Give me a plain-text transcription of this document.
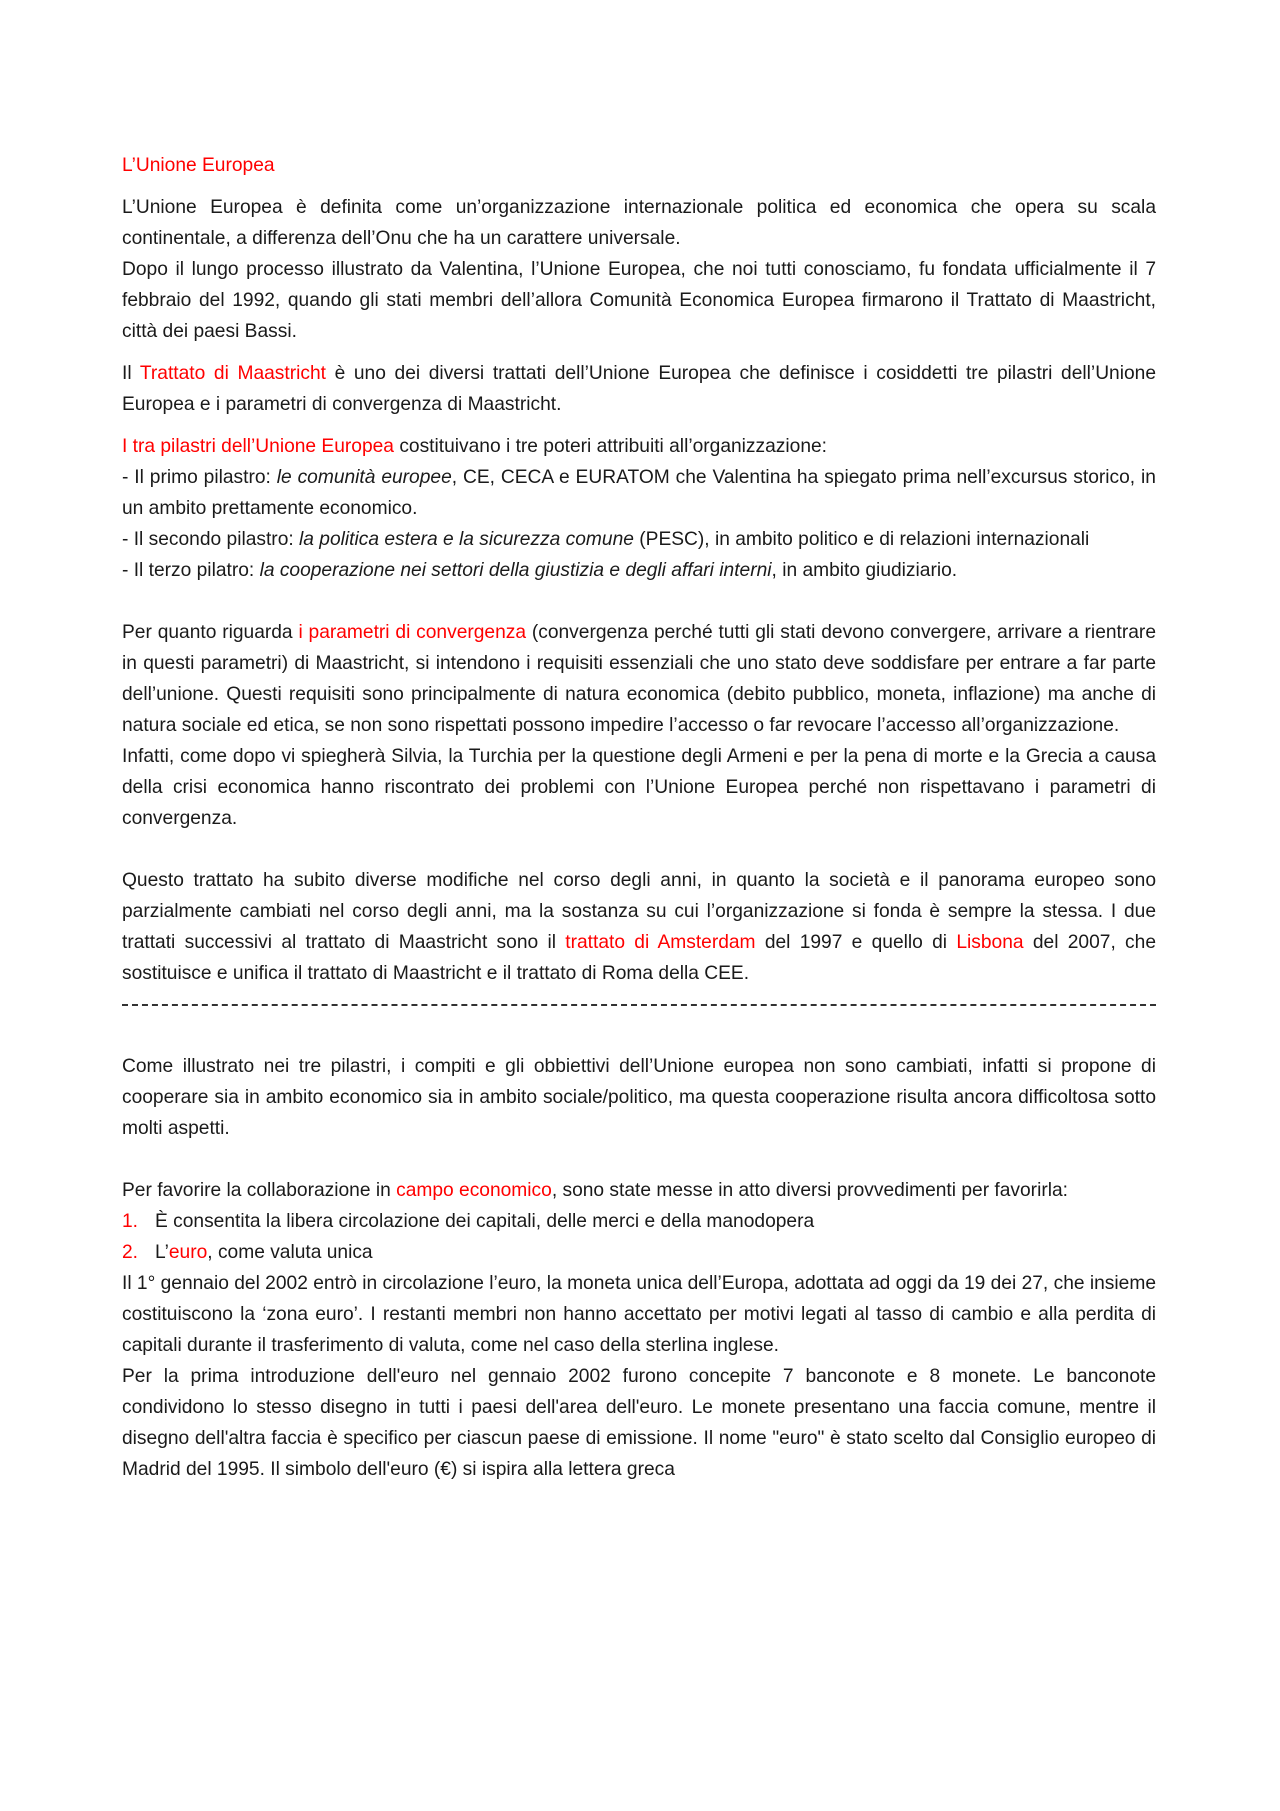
L’Unione Europea

L’Unione Europea è definita come un’organizzazione internazionale politica ed economica che opera su scala continentale, a differenza dell’Onu che ha un carattere universale.

Dopo il lungo processo illustrato da Valentina, l’Unione Europea, che noi tutti conosciamo, fu fondata ufficialmente il 7 febbraio del 1992, quando gli stati membri dell’allora Comunità Economica Europea firmarono il Trattato di Maastricht, città dei paesi Bassi.

Il Trattato di Maastricht è uno dei diversi trattati dell’Unione Europea che definisce i cosiddetti tre pilastri dell’Unione Europea e i parametri di convergenza di Maastricht.

I tra pilastri dell’Unione Europea costituivano i tre poteri attribuiti all’organizzazione:

- Il primo pilastro: le comunità europee, CE, CECA e EURATOM che Valentina ha spiegato prima nell’excursus storico, in un ambito prettamente economico.

- Il secondo pilastro: la politica estera e la sicurezza comune (PESC), in ambito politico e di relazioni internazionali

- Il terzo pilatro: la cooperazione nei settori della giustizia e degli affari interni, in ambito giudiziario.

Per quanto riguarda i parametri di convergenza (convergenza perché tutti gli stati devono convergere, arrivare a rientrare in questi parametri) di Maastricht, si intendono i requisiti essenziali che uno stato deve soddisfare per entrare a far parte dell’unione. Questi requisiti sono principalmente di natura economica (debito pubblico, moneta, inflazione) ma anche di natura sociale ed etica, se non sono rispettati possono impedire l’accesso o far revocare l’accesso all’organizzazione.

Infatti, come dopo vi spiegherà Silvia, la Turchia per la questione degli Armeni e per la pena di morte e la Grecia a causa della crisi economica hanno riscontrato dei problemi con l’Unione Europea perché non rispettavano i parametri di convergenza.

Questo trattato ha subito diverse modifiche nel corso degli anni, in quanto la società e il panorama europeo sono parzialmente cambiati nel corso degli anni, ma la sostanza su cui l’organizzazione si fonda è sempre la stessa. I due trattati successivi al trattato di Maastricht sono il trattato di Amsterdam del 1997 e quello di Lisbona del 2007, che sostituisce e unifica il trattato di Maastricht e il trattato di Roma della CEE.

Come illustrato nei tre pilastri, i compiti e gli obbiettivi dell’Unione europea non sono cambiati, infatti si propone di cooperare sia in ambito economico sia in ambito sociale/politico, ma questa cooperazione risulta ancora difficoltosa sotto molti aspetti.

Per favorire la collaborazione in campo economico, sono state messe in atto diversi provvedimenti per favorirla:

1. È consentita la libera circolazione dei capitali, delle merci e della manodopera
2. L’euro, come valuta unica

Il 1° gennaio del 2002 entrò in circolazione l’euro, la moneta unica dell’Europa, adottata ad oggi da 19 dei 27, che insieme costituiscono la ‘zona euro’. I restanti membri non hanno accettato per motivi legati al tasso di cambio e alla perdita di capitali durante il trasferimento di valuta, come nel caso della sterlina inglese.

Per la prima introduzione dell'euro nel gennaio 2002 furono concepite 7 banconote e 8 monete. Le banconote condividono lo stesso disegno in tutti i paesi dell'area dell'euro. Le monete presentano una faccia comune, mentre il disegno dell'altra faccia è specifico per ciascun paese di emissione. Il nome "euro" è stato scelto dal Consiglio europeo di Madrid del 1995. Il simbolo dell'euro (€) si ispira alla lettera greca
